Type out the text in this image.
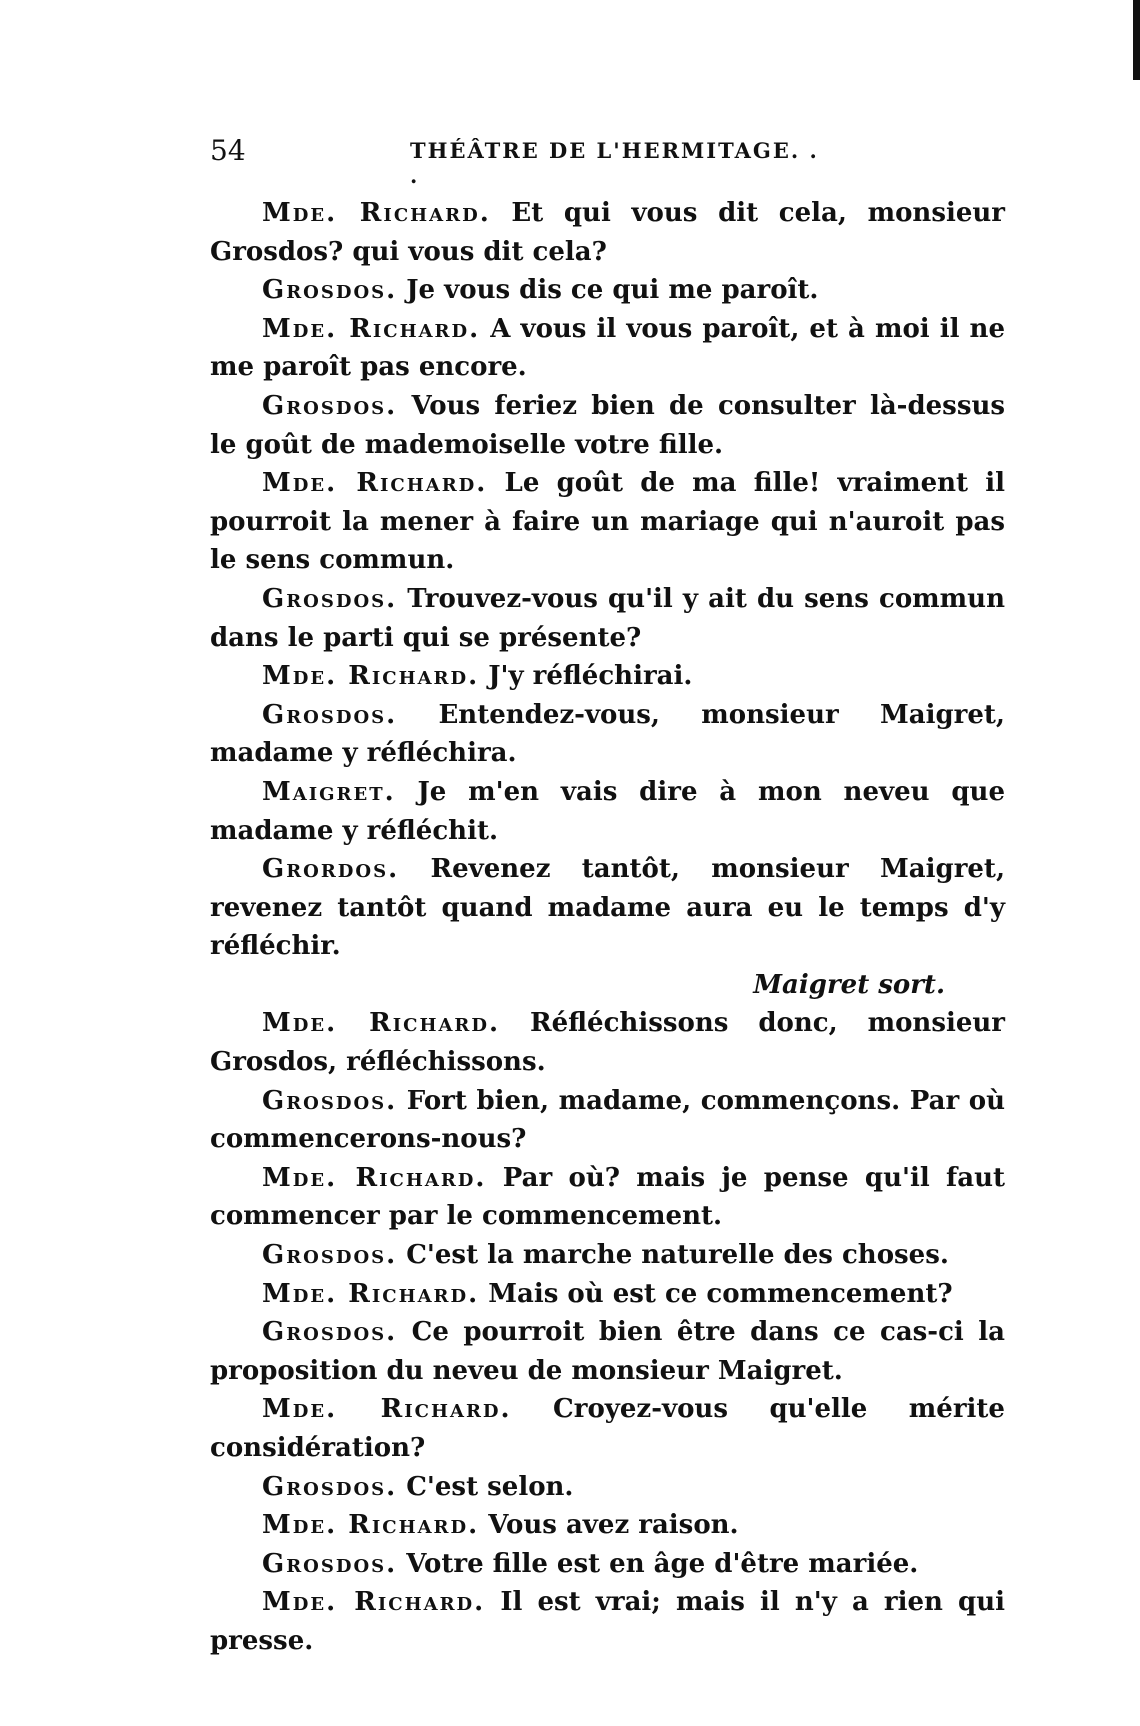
54	THÉÂTRE DE L'HERMITAGE. . .

Mde. Richard. Et qui vous dit cela, monsieur Grosdos? qui vous dit cela?

Grosdos. Je vous dis ce qui me paroît.

Mde. Richard. A vous il vous paroît, et à moi il ne me paroît pas encore.

Grosdos. Vous feriez bien de consulter là-dessus le goût de mademoiselle votre fille.

Mde. Richard. Le goût de ma fille! vraiment il pourroit la mener à faire un mariage qui n'auroit pas le sens commun.

Grosdos. Trouvez-vous qu'il y ait du sens commun dans le parti qui se présente?

Mde. Richard. J'y réfléchirai.

Grosdos. Entendez-vous, monsieur Maigret, madame y réfléchira.

Maigret. Je m'en vais dire à mon neveu que madame y réfléchit.

Grordos. Revenez tantôt, monsieur Maigret, revenez tantôt quand madame aura eu le temps d'y réfléchir.

Maigret sort.

Mde. Richard. Réfléchissons donc, monsieur Grosdos, réfléchissons.

Grosdos. Fort bien, madame, commençons. Par où commencerons-nous?

Mde. Richard. Par où? mais je pense qu'il faut commencer par le commencement.

Grosdos. C'est la marche naturelle des choses.

Mde. Richard. Mais où est ce commencement?

Grosdos. Ce pourroit bien être dans ce cas-ci la proposition du neveu de monsieur Maigret.

Mde. Richard. Croyez-vous qu'elle mérite considération?

Grosdos. C'est selon.

Mde. Richard. Vous avez raison.

Grosdos. Votre fille est en âge d'être mariée.

Mde. Richard. Il est vrai; mais il n'y a rien qui presse.
